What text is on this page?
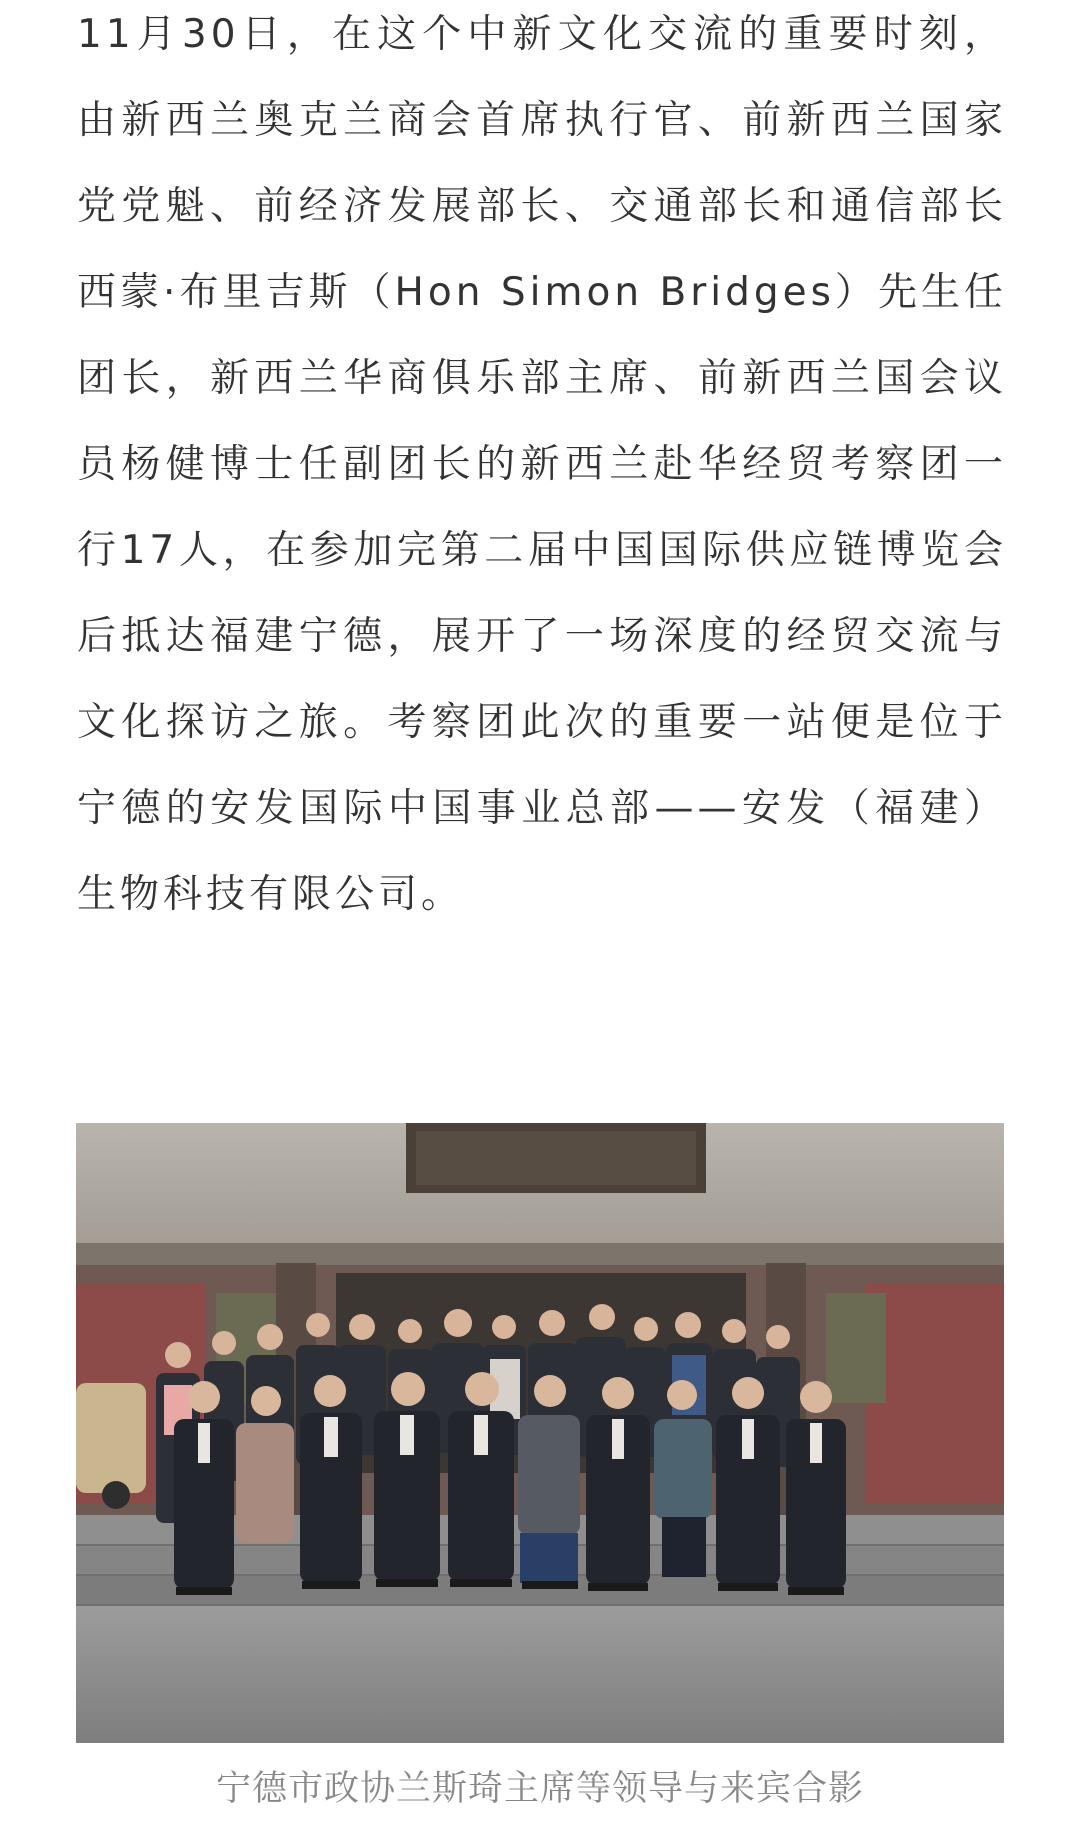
11月30日，在这个中新文化交流的重要时刻，由新西兰奥克兰商会首席执行官、前新西兰国家党党魁、前经济发展部长、交通部长和通信部长西蒙·布里吉斯（Hon Simon Bridges）先生任团长，新西兰华商俱乐部主席、前新西兰国会议员杨健博士任副团长的新西兰赴华经贸考察团一行17人，在参加完第二届中国国际供应链博览会后抵达福建宁德，展开了一场深度的经贸交流与文化探访之旅。考察团此次的重要一站便是位于宁德的安发国际中国事业总部——安发（福建）生物科技有限公司。

宁德市政协兰斯琦主席等领导与来宾合影
